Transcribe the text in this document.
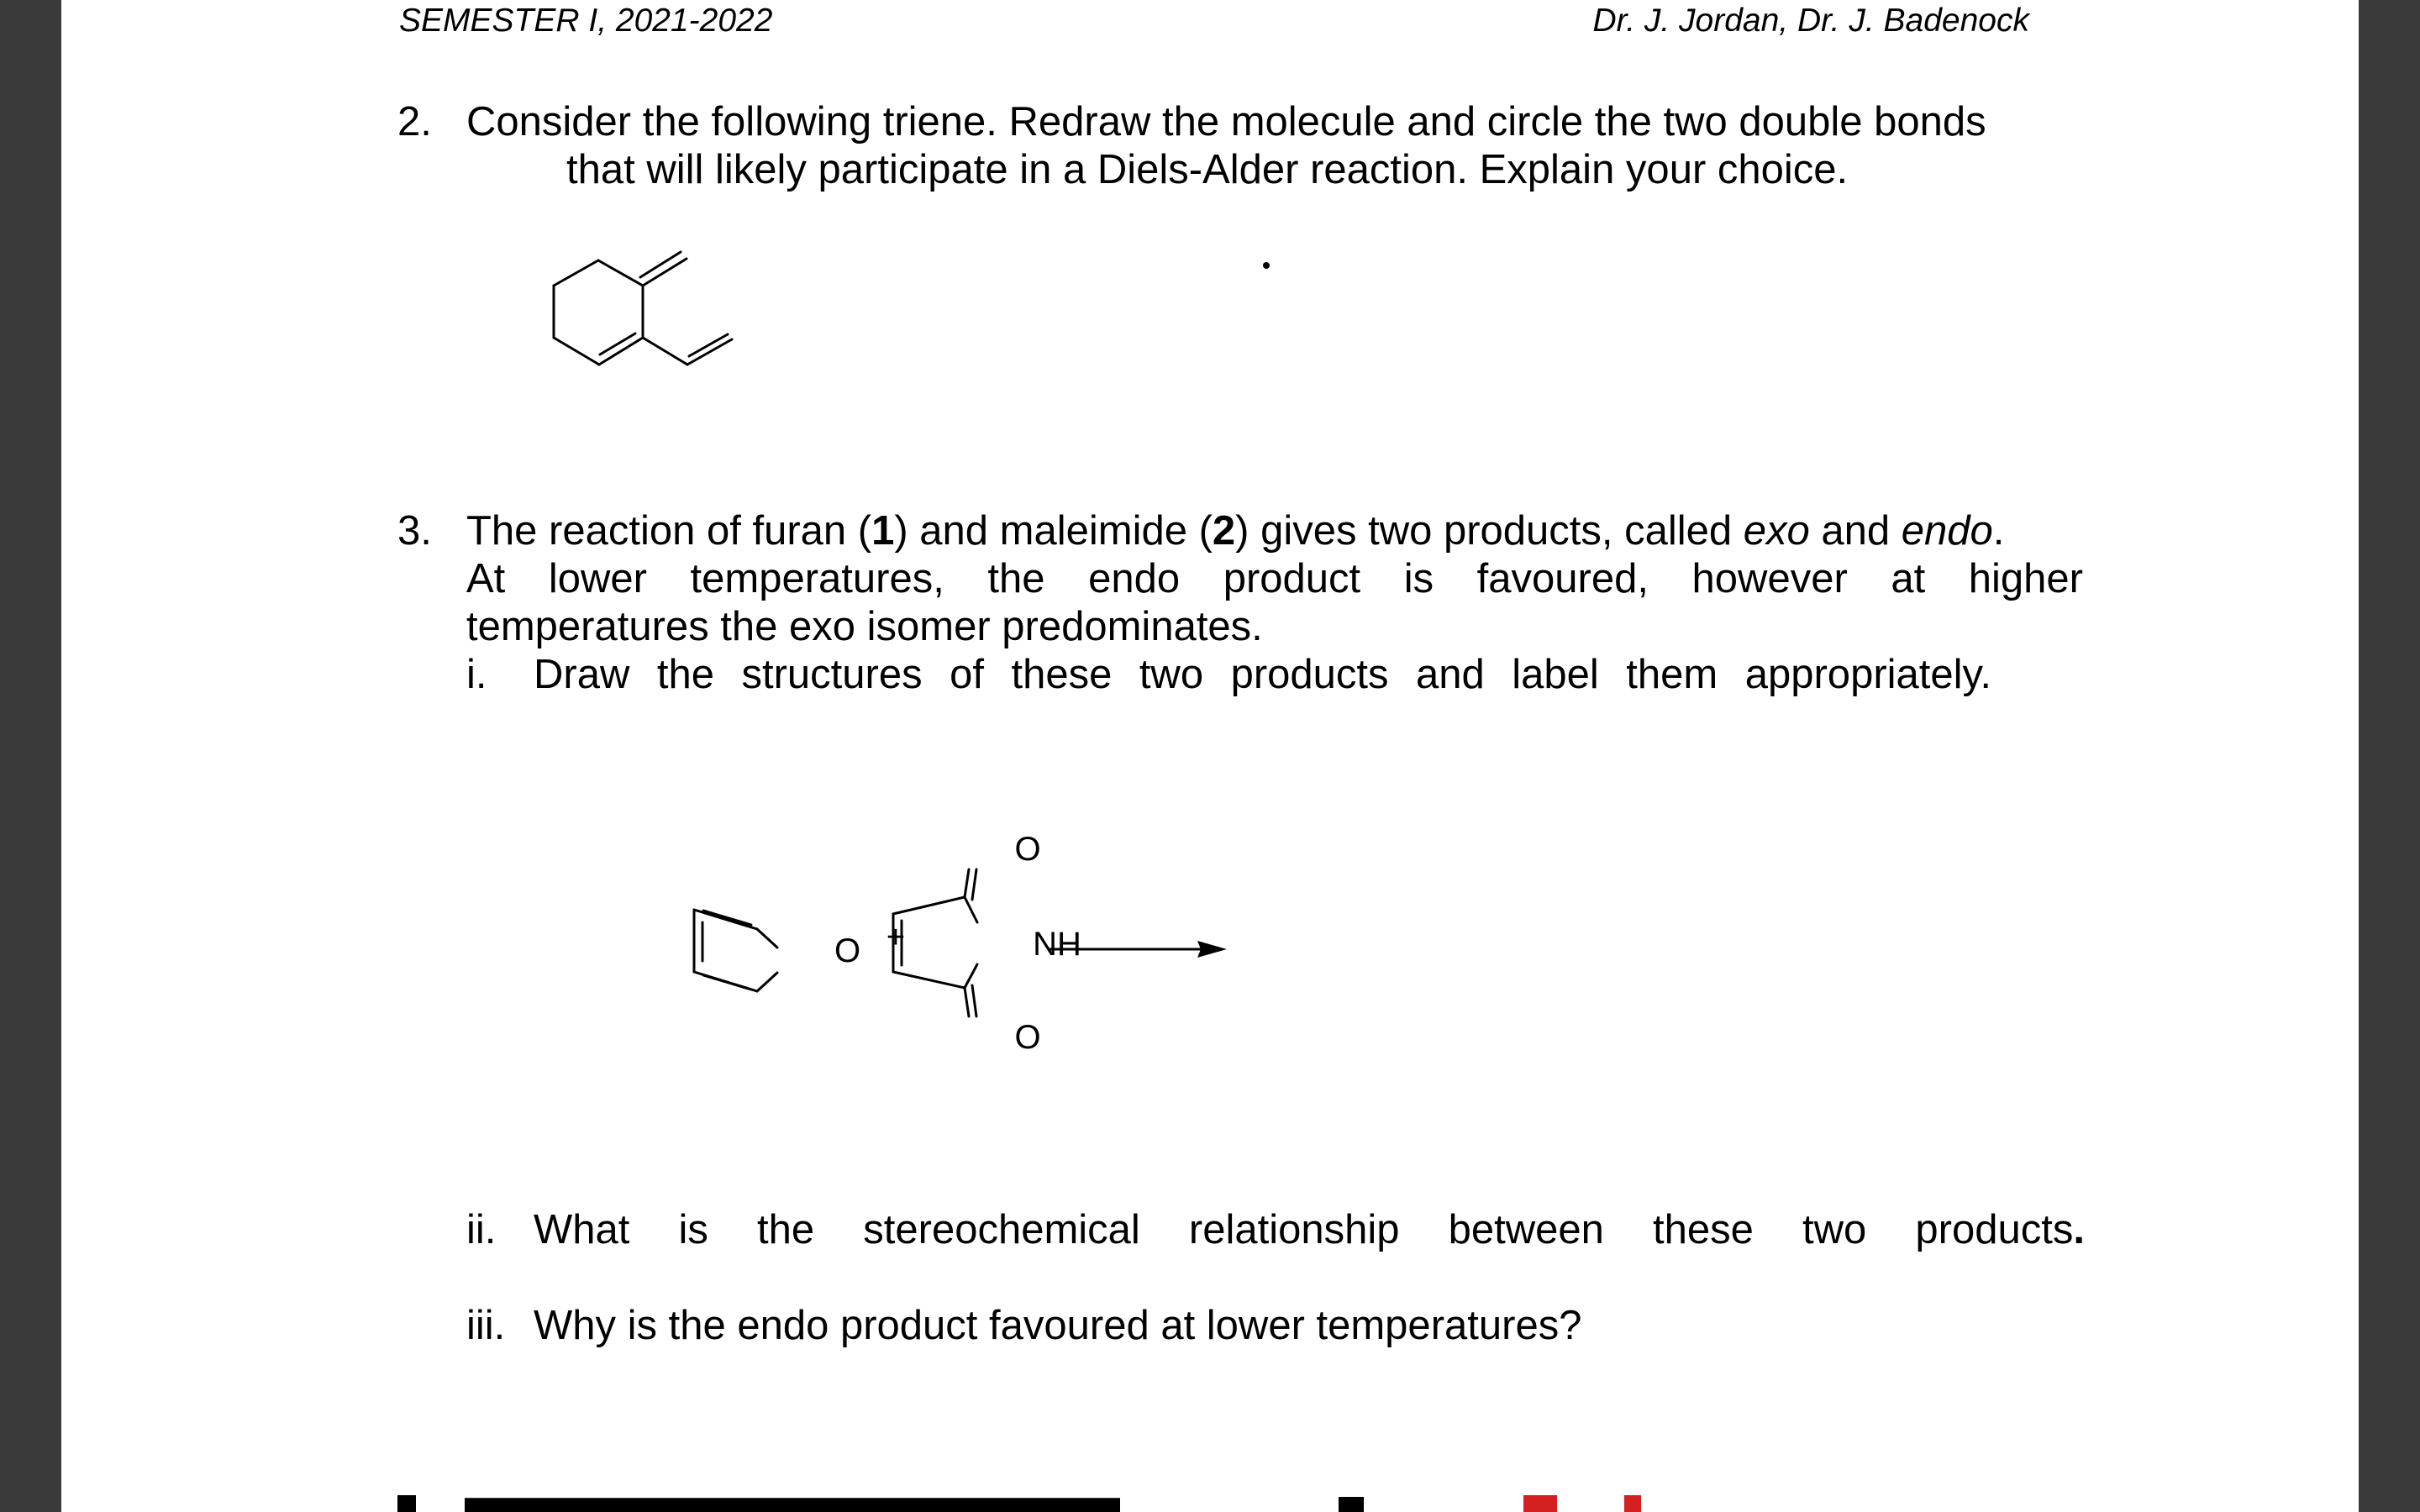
SEMESTER I, 2021-2022	Dr. J. Jordan, Dr. J. Badenock
2. Consider the following triene. Redraw the molecule and circle the two double bonds
that will likely participate in a Diels-Alder reaction. Explain your choice.
3. The reaction of furan (1) and maleimide (2) gives two products, called exo and endo.
At lower temperatures, the endo product is favoured, however at higher
temperatures the exo isomer predominates.
i. Draw the structures of these two products and label them appropriately.
O
O
O
NH
+
ii. What is the stereochemical relationship between these two products .
iii. Why is the endo product favoured at lower temperatures?
